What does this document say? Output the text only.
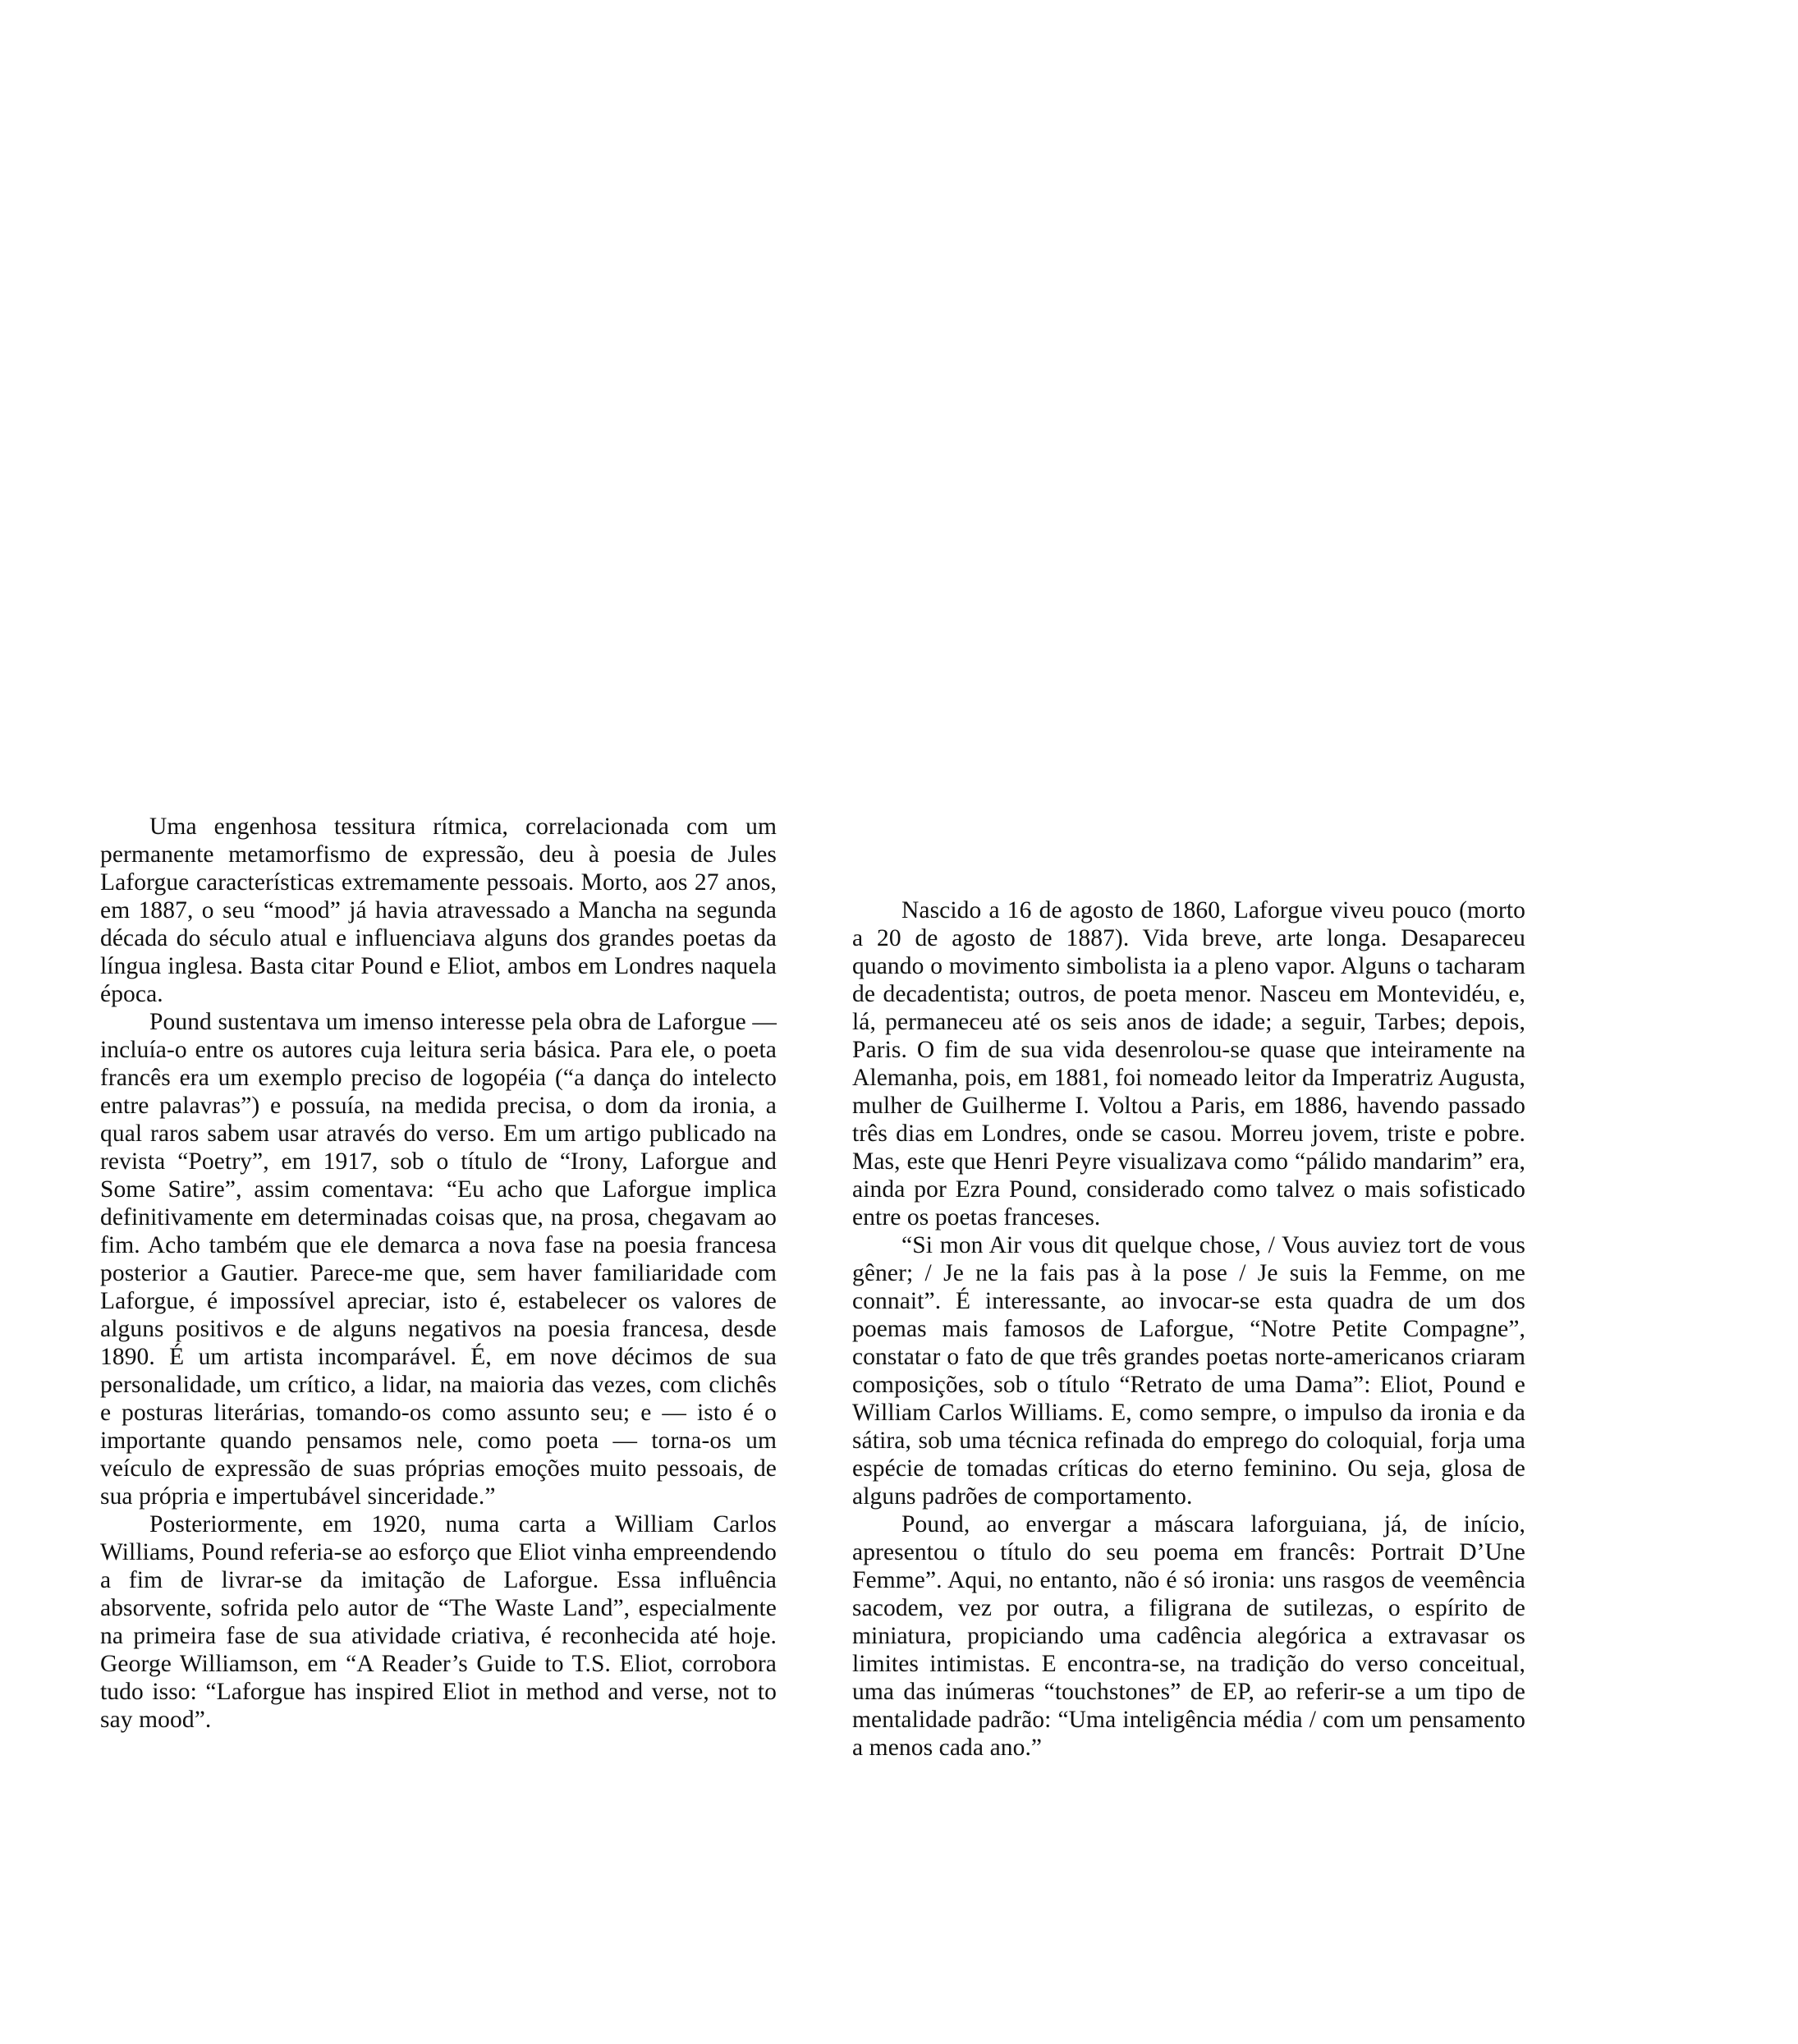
Uma engenhosa tessitura rítmica, correlacionada com um permanente metamorfismo de expressão, deu à poesia de Jules Laforgue características extremamente pessoais. Morto, aos 27 anos, em 1887, o seu “mood” já havia atravessado a Mancha na segunda década do século atual e influenciava alguns dos grandes poetas da língua inglesa. Basta citar Pound e Eliot, ambos em Londres naquela época.

Pound sustentava um imenso interesse pela obra de Laforgue — incluía-o entre os autores cuja leitura seria básica. Para ele, o poeta francês era um exemplo preciso de logopéia (“a dança do intelecto entre palavras”) e possuía, na medida precisa, o dom da ironia, a qual raros sabem usar através do verso. Em um artigo publicado na revista “Poetry”, em 1917, sob o título de “Irony, Laforgue and Some Satire”, assim comentava: “Eu acho que Laforgue implica definitivamente em determinadas coisas que, na prosa, chegavam ao fim. Acho também que ele demarca a nova fase na poesia francesa posterior a Gautier. Parece-me que, sem haver familiaridade com Laforgue, é impossível apreciar, isto é, estabelecer os valores de alguns positivos e de alguns negativos na poesia francesa, desde 1890. É um artista incomparável. É, em nove décimos de sua personalidade, um crítico, a lidar, na maioria das vezes, com clichês e posturas literárias, tomando-os como assunto seu; e — isto é o importante quando pensamos nele, como poeta — torna-os um veículo de expressão de suas próprias emoções muito pessoais, de sua própria e impertubável sinceridade.”

Posteriormente, em 1920, numa carta a William Carlos Williams, Pound referia-se ao esforço que Eliot vinha empreendendo a fim de livrar-se da imitação de Laforgue. Essa influência absorvente, sofrida pelo autor de “The Waste Land”, especialmente na primeira fase de sua atividade criativa, é reconhecida até hoje. George Williamson, em “A Reader’s Guide to T.S. Eliot, corrobora tudo isso: “Laforgue has inspired Eliot in method and verse, not to say mood”.

Nascido a 16 de agosto de 1860, Laforgue viveu pouco (morto a 20 de agosto de 1887). Vida breve, arte longa. Desapareceu quando o movimento simbolista ia a pleno vapor. Alguns o tacharam de decadentista; outros, de poeta menor. Nasceu em Montevidéu, e, lá, permaneceu até os seis anos de idade; a seguir, Tarbes; depois, Paris. O fim de sua vida desenrolou-se quase que inteiramente na Alemanha, pois, em 1881, foi nomeado leitor da Imperatriz Augusta, mulher de Guilherme I. Voltou a Paris, em 1886, havendo passado três dias em Londres, onde se casou. Morreu jovem, triste e pobre. Mas, este que Henri Peyre visualizava como “pálido mandarim” era, ainda por Ezra Pound, considerado como talvez o mais sofisticado entre os poetas franceses.

“Si mon Air vous dit quelque chose, / Vous auviez tort de vous gêner; / Je ne la fais pas à la pose / Je suis la Femme, on me connait”. É interessante, ao invocar-se esta quadra de um dos poemas mais famosos de Laforgue, “Notre Petite Compagne”, constatar o fato de que três grandes poetas norte-americanos criaram composições, sob o título “Retrato de uma Dama”: Eliot, Pound e William Carlos Williams. E, como sempre, o impulso da ironia e da sátira, sob uma técnica refinada do emprego do coloquial, forja uma espécie de tomadas críticas do eterno feminino. Ou seja, glosa de alguns padrões de comportamento.

Pound, ao envergar a máscara laforguiana, já, de início, apresentou o título do seu poema em francês: Portrait D’Une Femme”. Aqui, no entanto, não é só ironia: uns rasgos de veemência sacodem, vez por outra, a filigrana de sutilezas, o espírito de miniatura, propiciando uma cadência alegórica a extravasar os limites intimistas. E encontra-se, na tradição do verso conceitual, uma das inúmeras “touchstones” de EP, ao referir-se a um tipo de mentalidade padrão: “Uma inteligência média / com um pensamento a menos cada ano.”
